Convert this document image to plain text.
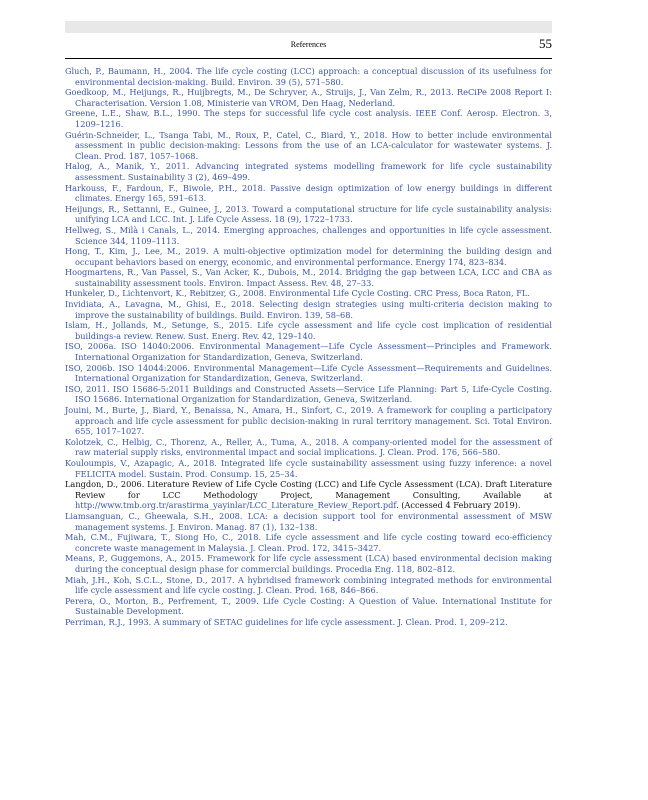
References	55
Gluch, P., Baumann, H., 2004. The life cycle costing (LCC) approach: a conceptual discussion of its usefulness for environmental decision-making. Build. Environ. 39 (5), 571–580.
Goedkoop, M., Heijungs, R., Huijbregts, M., De Schryver, A., Struijs, J., Van Zelm, R., 2013. ReCiPe 2008 Report I: Characterisation. Version 1.08, Ministerie van VROM, Den Haag, Nederland.
Greene, L.E., Shaw, B.L., 1990. The steps for successful life cycle cost analysis. IEEE Conf. Aerosp. Electron. 3, 1209–1216.
Guérin-Schneider, L., Tsanga Tabi, M., Roux, P., Catel, C., Biard, Y., 2018. How to better include environmental assessment in public decision-making: Lessons from the use of an LCA-calculator for wastewater systems. J. Clean. Prod. 187, 1057–1068.
Halog, A., Manik, Y., 2011. Advancing integrated systems modelling framework for life cycle sustainability assessment. Sustainability 3 (2), 469–499.
Harkouss, F., Fardoun, F., Biwole, P.H., 2018. Passive design optimization of low energy buildings in different climates. Energy 165, 591–613.
Heijungs, R., Settanni, E., Guinee, J., 2013. Toward a computational structure for life cycle sustainability analysis: unifying LCA and LCC. Int. J. Life Cycle Assess. 18 (9), 1722–1733.
Hellweg, S., Milà i Canals, L., 2014. Emerging approaches, challenges and opportunities in life cycle assessment. Science 344, 1109–1113.
Hong, T., Kim, J., Lee, M., 2019. A multi-objective optimization model for determining the building design and occupant behaviors based on energy, economic, and environmental performance. Energy 174, 823–834.
Hoogmartens, R., Van Passel, S., Van Acker, K., Dubois, M., 2014. Bridging the gap between LCA, LCC and CBA as sustainability assessment tools. Environ. Impact Assess. Rev. 48, 27–33.
Hunkeler, D., Lichtenvort, K., Rebitzer, G., 2008. Environmental Life Cycle Costing. CRC Press, Boca Raton, FL.
Invidiata, A., Lavagna, M., Ghisi, E., 2018. Selecting design strategies using multi-criteria decision making to improve the sustainability of buildings. Build. Environ. 139, 58–68.
Islam, H., Jollands, M., Setunge, S., 2015. Life cycle assessment and life cycle cost implication of residential buildings-a review. Renew. Sust. Energ. Rev. 42, 129–140.
ISO, 2006a. ISO 14040:2006. Environmental Management—Life Cycle Assessment—Principles and Framework. International Organization for Standardization, Geneva, Switzerland.
ISO, 2006b. ISO 14044:2006. Environmental Management—Life Cycle Assessment—Requirements and Guidelines. International Organization for Standardization, Geneva, Switzerland.
ISO, 2011. ISO 15686-5:2011 Buildings and Constructed Assets—Service Life Planning: Part 5, Life-Cycle Costing. ISO 15686. International Organization for Standardization, Geneva, Switzerland.
Jouini, M., Burte, J., Biard, Y., Benaissa, N., Amara, H., Sinfort, C., 2019. A framework for coupling a participatory approach and life cycle assessment for public decision-making in rural territory management. Sci. Total Environ. 655, 1017–1027.
Kolotzek, C., Helbig, C., Thorenz, A., Reller, A., Tuma, A., 2018. A company-oriented model for the assessment of raw material supply risks, environmental impact and social implications. J. Clean. Prod. 176, 566–580.
Kouloumpis, V., Azapagic, A., 2018. Integrated life cycle sustainability assessment using fuzzy inference: a novel FELICITA model. Sustain. Prod. Consump. 15, 25–34.
Langdon, D., 2006. Literature Review of Life Cycle Costing (LCC) and Life Cycle Assessment (LCA). Draft Literature Review for LCC Methodology Project, Management Consulting, Available at http://www.tmb.org.tr/arastirma_yayinlar/LCC_Literature_Review_Report.pdf. (Accessed 4 February 2019).
Liamsanguan, C., Gheewala, S.H., 2008. LCA: a decision support tool for environmental assessment of MSW management systems. J. Environ. Manag. 87 (1), 132–138.
Mah, C.M., Fujiwara, T., Siong Ho, C., 2018. Life cycle assessment and life cycle costing toward eco-efficiency concrete waste management in Malaysia. J. Clean. Prod. 172, 3415–3427.
Means, P., Guggemons, A., 2015. Framework for life cycle assessment (LCA) based environmental decision making during the conceptual design phase for commercial buildings. Procedia Eng. 118, 802–812.
Miah, J.H., Koh, S.C.L., Stone, D., 2017. A hybridised framework combining integrated methods for environmental life cycle assessment and life cycle costing. J. Clean. Prod. 168, 846–866.
Perera, O., Morton, B., Perfrement, T., 2009. Life Cycle Costing: A Question of Value. International Institute for Sustainable Development.
Perriman, R.J., 1993. A summary of SETAC guidelines for life cycle assessment. J. Clean. Prod. 1, 209–212.
